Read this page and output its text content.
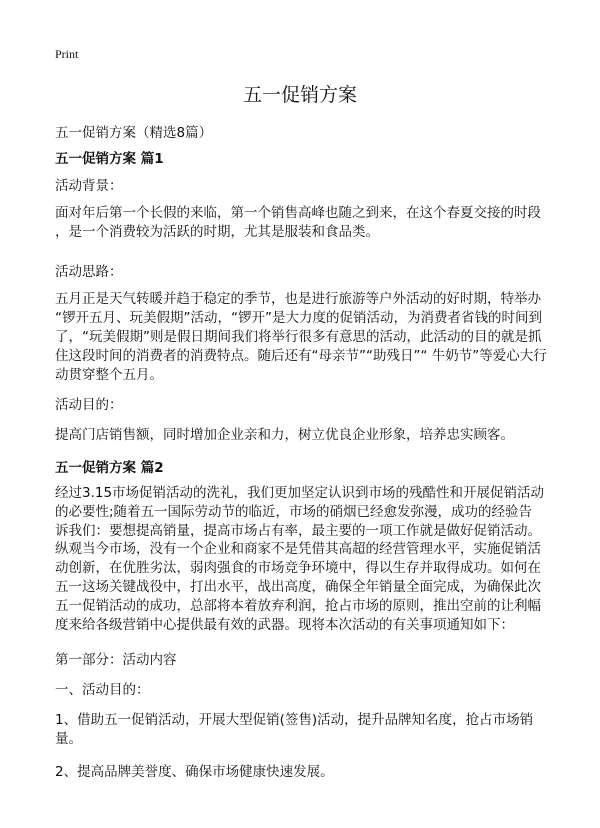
Print
五一促销方案
五一促销方案（精选8篇）
五一促销方案 篇1
活动背景：
面对年后第一个长假的来临，第一个销售高峰也随之到来，在这个春夏交接的时段
，是一个消费较为活跃的时期，尤其是服装和食品类。
活动思路：
五月正是天气转暖并趋于稳定的季节，也是进行旅游等户外活动的好时期，特举办
“锣开五月、玩美假期”活动，“锣开”是大力度的促销活动，为消费者省钱的时间到
了，“玩美假期”则是假日期间我们将举行很多有意思的活动，此活动的目的就是抓
住这段时间的消费者的消费特点。随后还有“母亲节”“助残日”“ 牛奶节”等爱心大行
动贯穿整个五月。
活动目的：
提高门店销售额，同时增加企业亲和力，树立优良企业形象，培养忠实顾客。
五一促销方案 篇2
经过3.15市场促销活动的洗礼，我们更加坚定认识到市场的残酷性和开展促销活动
的必要性;随着五一国际劳动节的临近，市场的硝烟已经愈发弥漫，成功的经验告
诉我们：要想提高销量，提高市场占有率，最主要的一项工作就是做好促销活动。
纵观当今市场，没有一个企业和商家不是凭借其高超的经营管理水平，实施促销活
动创新，在优胜劣汰，弱肉强食的市场竞争环境中，得以生存并取得成功。如何在
五一这场关键战役中，打出水平，战出高度，确保全年销量全面完成，为确保此次
五一促销活动的成功，总部将本着放弃利润，抢占市场的原则，推出空前的让利幅
度来给各级营销中心提供最有效的武器。现将本次活动的有关事项通知如下：
第一部分：活动内容
一、活动目的：
1、借助五一促销活动，开展大型促销(签售)活动，提升品牌知名度，抢占市场销
量。
2、提高品牌美誉度、确保市场健康快速发展。
